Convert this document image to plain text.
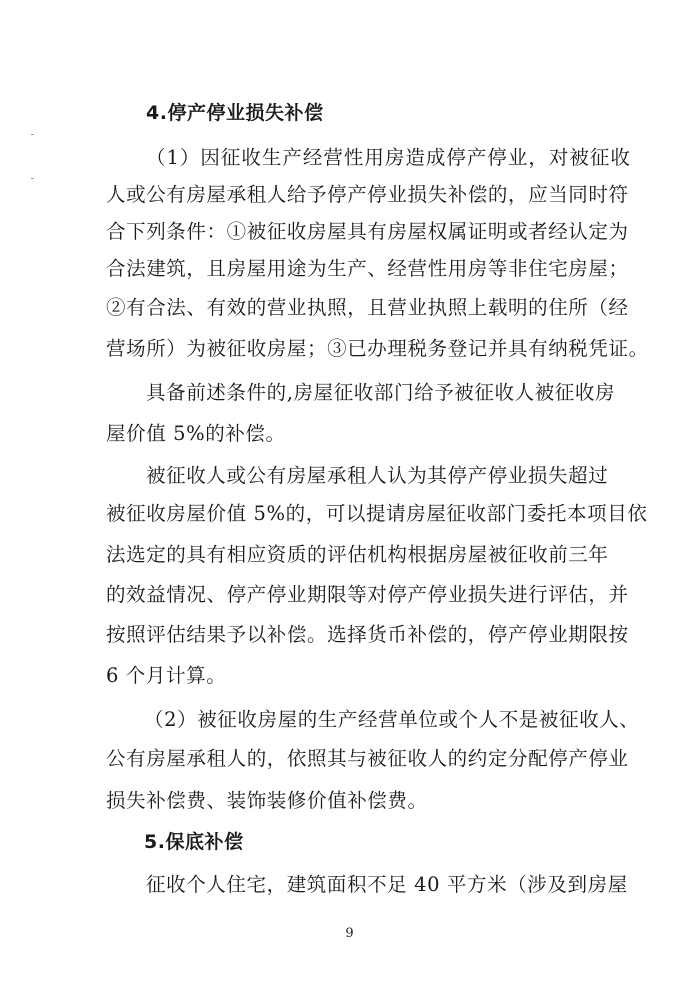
4.停产停业损失补偿
（1）因征收生产经营性用房造成停产停业，对被征收
人或公有房屋承租人给予停产停业损失补偿的，应当同时符
合下列条件：①被征收房屋具有房屋权属证明或者经认定为
合法建筑，且房屋用途为生产、经营性用房等非住宅房屋；
②有合法、有效的营业执照，且营业执照上载明的住所（经
营场所）为被征收房屋；③已办理税务登记并具有纳税凭证。
具备前述条件的,房屋征收部门给予被征收人被征收房
屋价值 5%的补偿。
被征收人或公有房屋承租人认为其停产停业损失超过
被征收房屋价值 5%的，可以提请房屋征收部门委托本项目依
法选定的具有相应资质的评估机构根据房屋被征收前三年
的效益情况、停产停业期限等对停产停业损失进行评估，并
按照评估结果予以补偿。选择货币补偿的，停产停业期限按
6 个月计算。
（2）被征收房屋的生产经营单位或个人不是被征收人、
公有房屋承租人的，依照其与被征收人的约定分配停产停业
损失补偿费、装饰装修价值补偿费。
5.保底补偿
征收个人住宅，建筑面积不足 40 平方米（涉及到房屋
9
